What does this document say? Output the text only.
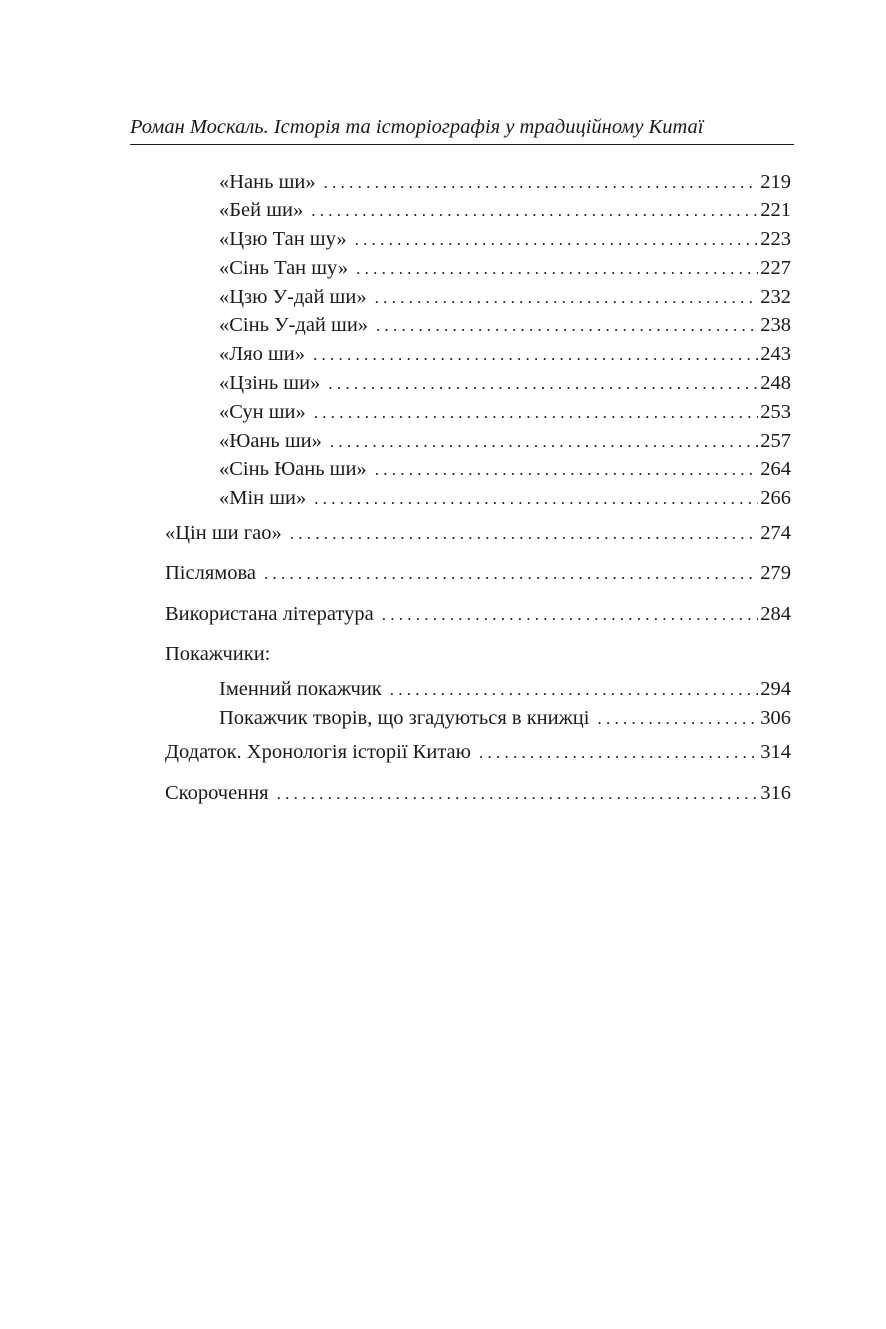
Роман Москаль. Історія та історіографія у традиційному Китаї
«Нань ши» . . .	219
«Бей ши» . . .	221
«Цзю Тан шу» . . .	223
«Сінь Тан шу» . . .	227
«Цзю У-дай ши» . . .	232
«Сінь У-дай ши» . . .	238
«Ляо ши» . . .	243
«Цзінь ши» . . .	248
«Сун ши» . . .	253
«Юань ши» . . .	257
«Сінь Юань ши» . . .	264
«Мін ши» . . .	266
«Цін ши гао» . . .	274
Післямова . . .	279
Використана література . . .	284
Покажчики:
Іменний покажчик . . .	294
Покажчик творів, що згадуються в книжці . . .	306
Додаток. Хронологія історії Китаю . . .	314
Скорочення . . .	316
